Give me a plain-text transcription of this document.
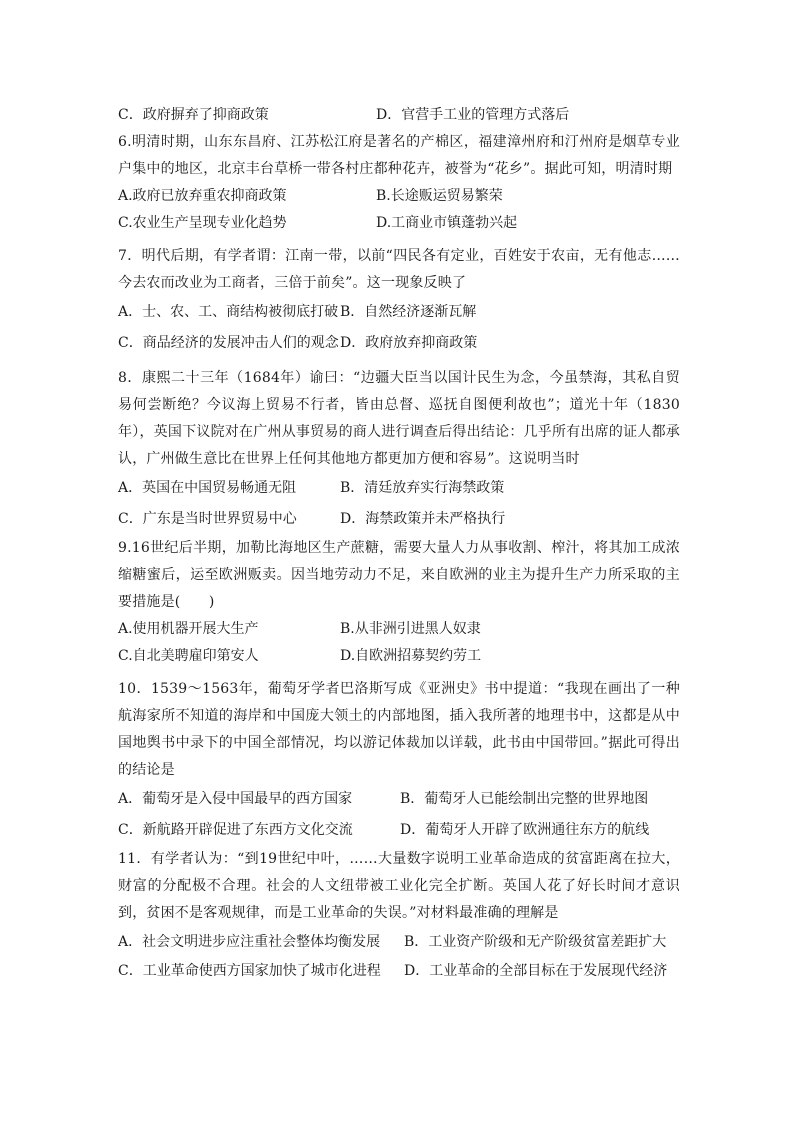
C．政府摒弃了抑商政策	D．官营手工业的管理方式落后

6.明清时期，山东东昌府、江苏松江府是著名的产棉区，福建漳州府和汀州府是烟草专业户集中的地区，北京丰台草桥一带各村庄都种花卉，被誉为“花乡”。据此可知，明清时期

A.政府已放弃重农抑商政策	B.长途贩运贸易繁荣
C.农业生产呈现专业化趋势	D.工商业市镇蓬勃兴起

7．明代后期，有学者谓：江南一带，以前“四民各有定业，百姓安于农亩，无有他志……今去农而改业为工商者，三倍于前矣”。这一现象反映了

A．士、农、工、商结构被彻底打破 B．自然经济逐渐瓦解
C．商品经济的发展冲击人们的观念 D．政府放弃抑商政策

8．康熙二十三年（1684年）谕曰：“边疆大臣当以国计民生为念，今虽禁海，其私自贸易何尝断绝？今议海上贸易不行者，皆由总督、巡抚自图便利故也”；道光十年（1830年），英国下议院对在广州从事贸易的商人进行调查后得出结论：几乎所有出席的证人都承认，广州做生意比在世界上任何其他地方都更加方便和容易”。这说明当时

A．英国在中国贸易畅通无阻	B．清廷放弃实行海禁政策
C．广东是当时世界贸易中心	D．海禁政策并未严格执行

9.16世纪后半期，加勒比海地区生产蔗糖，需要大量人力从事收割、榨汁，将其加工成浓缩糖蜜后，运至欧洲贩卖。因当地劳动力不足，来自欧洲的业主为提升生产力所采取的主要措施是(　　)

A.使用机器开展大生产	B.从非洲引进黑人奴隶
C.自北美聘雇印第安人	D.自欧洲招募契约劳工

10．1539～1563年，葡萄牙学者巴洛斯写成《亚洲史》书中提道：“我现在画出了一种航海家所不知道的海岸和中国庞大领土的内部地图，插入我所著的地理书中，这都是从中国地舆书中录下的中国全部情况，均以游记体裁加以详载，此书由中国带回。”据此可得出的结论是

A．葡萄牙是入侵中国最早的西方国家	B．葡萄牙人已能绘制出完整的世界地图
C．新航路开辟促进了东西方文化交流	D．葡萄牙人开辟了欧洲通往东方的航线

11．有学者认为：“到19世纪中叶，……大量数字说明工业革命造成的贫富距离在拉大，财富的分配极不合理。社会的人文纽带被工业化完全扩断。英国人花了好长时间才意识到，贫困不是客观规律，而是工业革命的失误。”对材料最准确的理解是

A．社会文明进步应注重社会整体均衡发展	B．工业资产阶级和无产阶级贫富差距扩大
C．工业革命使西方国家加快了城市化进程	D．工业革命的全部目标在于发展现代经济
